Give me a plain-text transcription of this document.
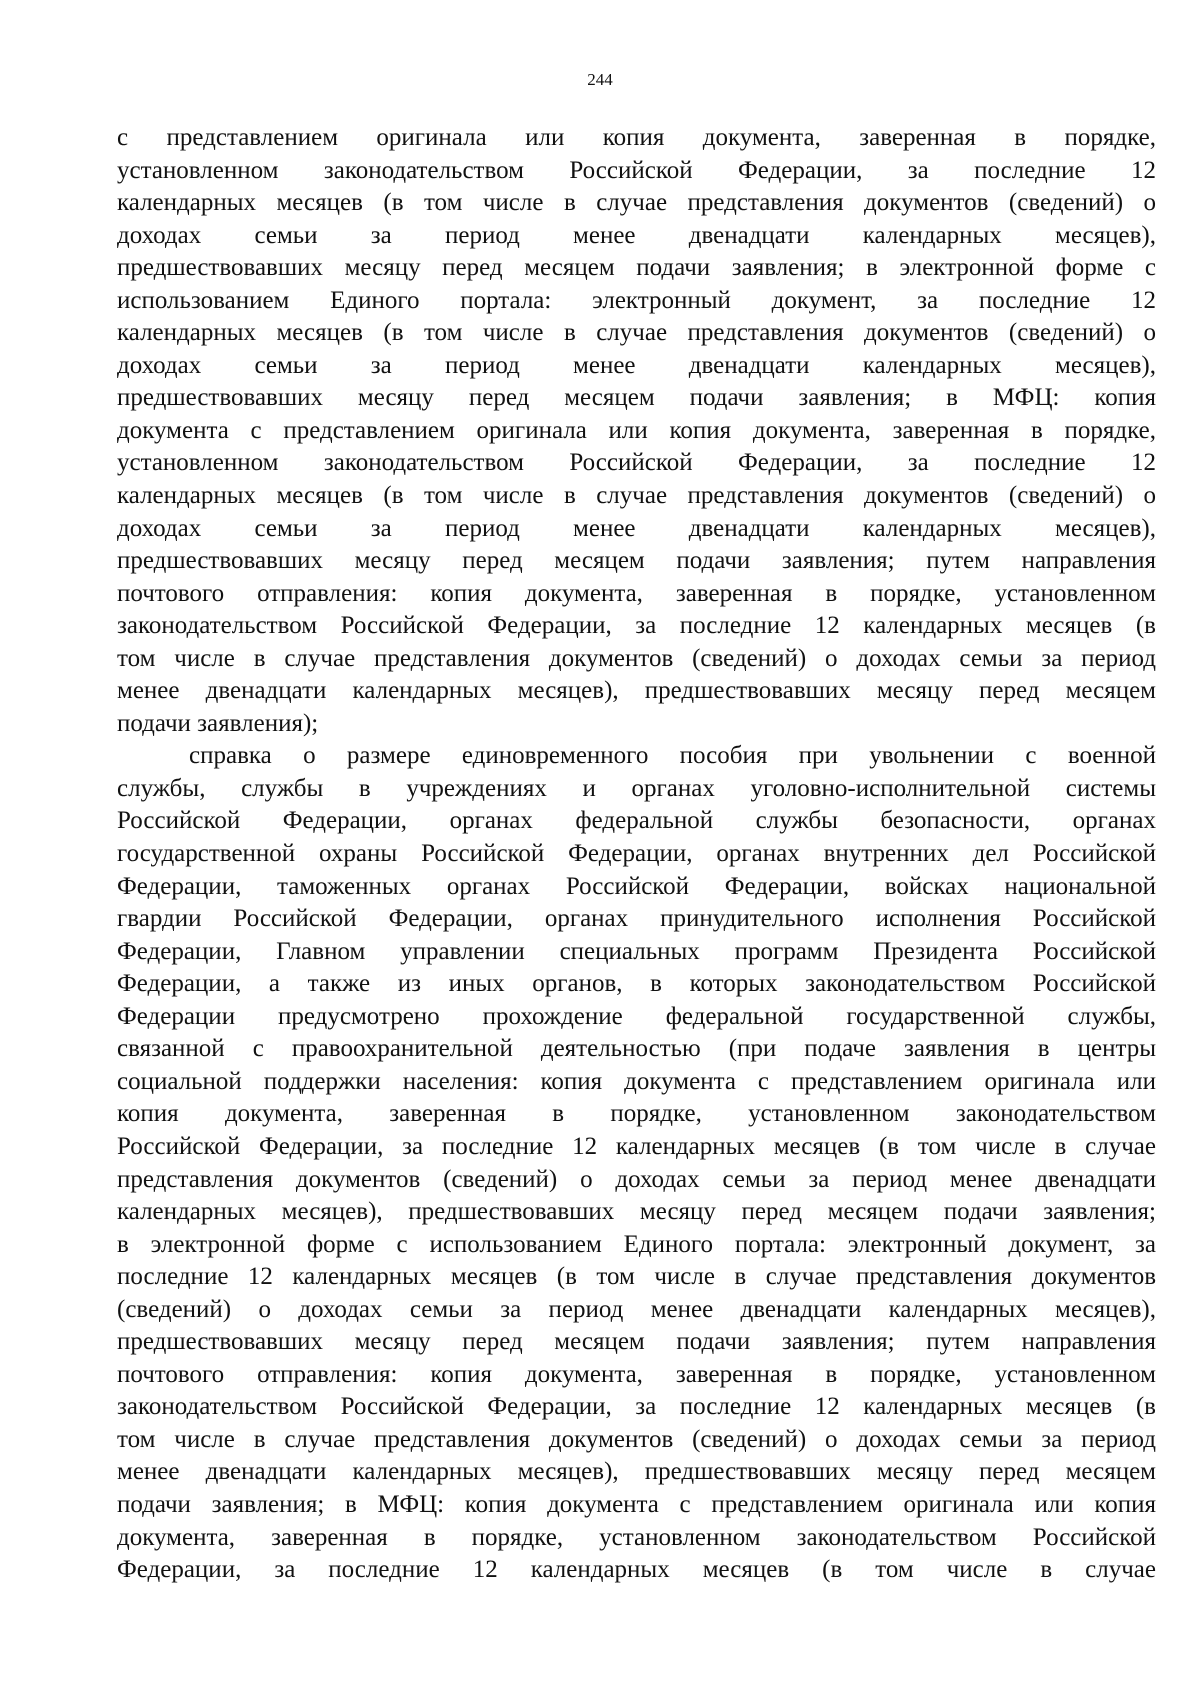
244

с представлением оригинала или копия документа, заверенная в порядке,
установленном законодательством Российской Федерации, за последние 12
календарных месяцев (в том числе в случае представления документов (сведений) о
доходах семьи за период менее двенадцати календарных месяцев),
предшествовавших месяцу перед месяцем подачи заявления; в электронной форме с
использованием Единого портала: электронный документ, за последние 12
календарных месяцев (в том числе в случае представления документов (сведений) о
доходах семьи за период менее двенадцати календарных месяцев),
предшествовавших месяцу перед месяцем подачи заявления; в МФЦ: копия
документа с представлением оригинала или копия документа, заверенная в порядке,
установленном законодательством Российской Федерации, за последние 12
календарных месяцев (в том числе в случае представления документов (сведений) о
доходах семьи за период менее двенадцати календарных месяцев),
предшествовавших месяцу перед месяцем подачи заявления; путем направления
почтового отправления: копия документа, заверенная в порядке, установленном
законодательством Российской Федерации, за последние 12 календарных месяцев (в
том числе в случае представления документов (сведений) о доходах семьи за период
менее двенадцати календарных месяцев), предшествовавших месяцу перед месяцем
подачи заявления);

справка о размере единовременного пособия при увольнении с военной
службы, службы в учреждениях и органах уголовно-исполнительной системы
Российской Федерации, органах федеральной службы безопасности, органах
государственной охраны Российской Федерации, органах внутренних дел Российской
Федерации, таможенных органах Российской Федерации, войсках национальной
гвардии Российской Федерации, органах принудительного исполнения Российской
Федерации, Главном управлении специальных программ Президента Российской
Федерации, а также из иных органов, в которых законодательством Российской
Федерации предусмотрено прохождение федеральной государственной службы,
связанной с правоохранительной деятельностью (при подаче заявления в центры
социальной поддержки населения: копия документа с представлением оригинала или
копия документа, заверенная в порядке, установленном законодательством
Российской Федерации, за последние 12 календарных месяцев (в том числе в случае
представления документов (сведений) о доходах семьи за период менее двенадцати
календарных месяцев), предшествовавших месяцу перед месяцем подачи заявления;
в электронной форме с использованием Единого портала: электронный документ, за
последние 12 календарных месяцев (в том числе в случае представления документов
(сведений) о доходах семьи за период менее двенадцати календарных месяцев),
предшествовавших месяцу перед месяцем подачи заявления; путем направления
почтового отправления: копия документа, заверенная в порядке, установленном
законодательством Российской Федерации, за последние 12 календарных месяцев (в
том числе в случае представления документов (сведений) о доходах семьи за период
менее двенадцати календарных месяцев), предшествовавших месяцу перед месяцем
подачи заявления; в МФЦ: копия документа с представлением оригинала или копия
документа, заверенная в порядке, установленном законодательством Российской
Федерации, за последние 12 календарных месяцев (в том числе в случае
